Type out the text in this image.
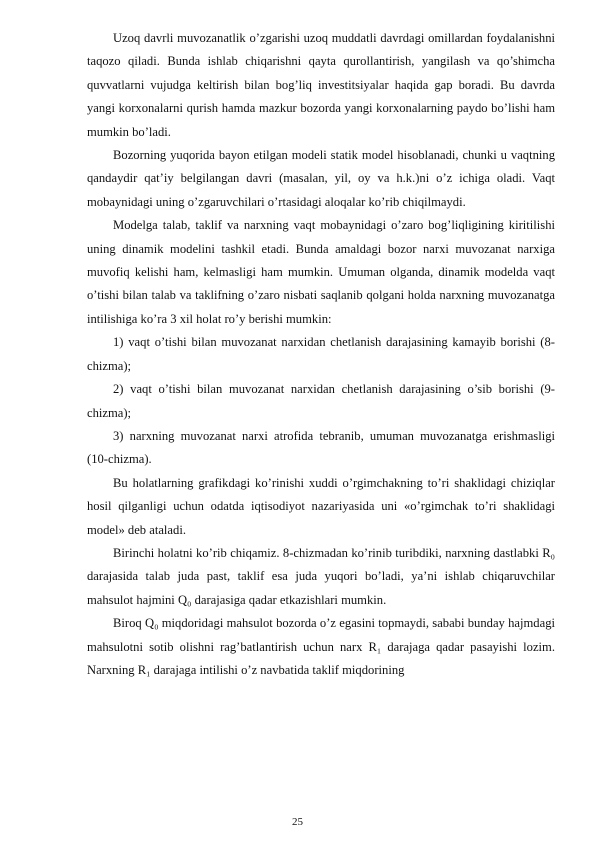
Uzoq davrli muvozanatlik o’zgarishi uzoq muddatli davrdagi omillardan foydalanishni taqozo qiladi. Bunda ishlab chiqarishni qayta qurollantirish, yangilash va qo’shimcha quvvatlarni vujudga keltirish bilan bog’liq investitsiyalar haqida gap boradi. Bu davrda yangi korxonalarni qurish hamda mazkur bozorda yangi korxonalarning paydo bo’lishi ham mumkin bo’ladi.

Bozorning yuqorida bayon etilgan modeli statik model hisoblanadi, chunki u vaqtning qandaydir qat’iy belgilangan davri (masalan, yil, oy va h.k.)ni o’z ichiga oladi. Vaqt mobaynidagi uning o’zgaruvchilari o’rtasidagi aloqalar ko’rib chiqilmaydi.

Modelga talab, taklif va narxning vaqt mobaynidagi o’zaro bog’liqligining kiritilishi uning dinamik modelini tashkil etadi. Bunda amaldagi bozor narxi muvozanat narxiga muvofiq kelishi ham, kelmasligi ham mumkin. Umuman olganda, dinamik modelda vaqt o’tishi bilan talab va taklifning o’zaro nisbati saqlanib qolgani holda narxning muvozanatga intilishiga ko’ra 3 xil holat ro’y berishi mumkin:

1) vaqt o’tishi bilan muvozanat narxidan chetlanish darajasining kamayib borishi (8-chizma);

2) vaqt o’tishi bilan muvozanat narxidan chetlanish darajasining o’sib borishi (9-chizma);

3) narxning muvozanat narxi atrofida tebranib, umuman muvozanatga erishmasligi (10-chizma).

Bu holatlarning grafikdagi ko’rinishi xuddi o’rgimchakning to’ri shaklidagi chiziqlar hosil qilganligi uchun odatda iqtisodiyot nazariyasida uni «o’rgimchak to’ri shaklidagi model» deb ataladi.

Birinchi holatni ko’rib chiqamiz. 8-chizmadan ko’rinib turibdiki, narxning dastlabki R₀ darajasida talab juda past, taklif esa juda yuqori bo’ladi, ya’ni ishlab chiqaruvchilar mahsulot hajmini Q₀ darajasiga qadar etkazishlari mumkin.

Biroq Q₀ miqdoridagi mahsulot bozorda o’z egasini topmaydi, sababi bunday hajmdagi mahsulotni sotib olishni rag’batlantirish uchun narx R₁ darajaga qadar pasayishi lozim. Narxning R₁ darajaga intilishi o’z navbatida taklif miqdorining

25
